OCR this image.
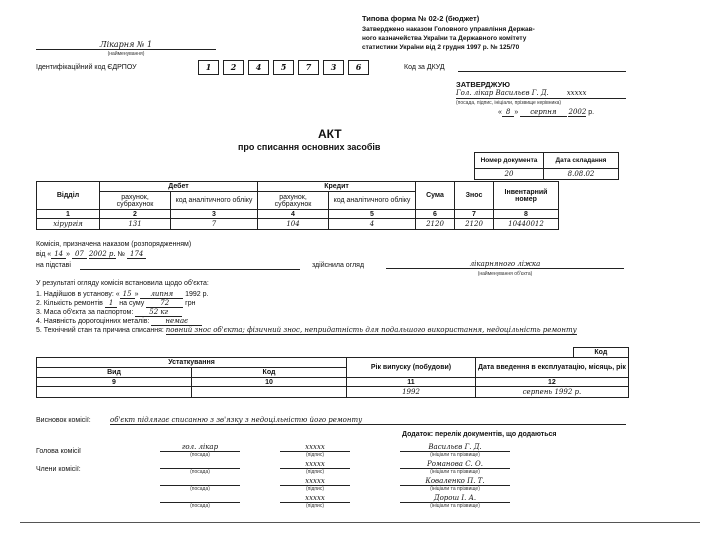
Типова форма № 02-2 (бюджет)
Затверджено наказом Головного управління Держав-
ного казначейства України та Державного комітету
статистики України від 2 грудня 1997 р. № 125/70
Лікарня № 1
(найменування)
Ідентифікаційний код ЄДРПОУ	1 2 4 5 7 3 6	Код за ДКУД
ЗАТВЕРДЖУЮ
Гол. лікар Васильєв Г. Д.	xxxxx
(посада, підпис, ініціали, прізвище керівника)
« 8 » серпня 2002 р.
АКТ
про списання основних засобів
Номер документа	Дата складання
20	8.08.02
Відділ	Дебет		Кредит		Сума	Знос	Інвентарний номер
	рахунок, субрахунок	код аналітичного обліку	рахунок, субрахунок	код аналітичного обліку			
1	2	3	4	5	6	7	8
хірургія	131	7	104	4	2120	2120	10440012
Комісія, призначена наказом (розпорядженням)
від « 14 » 07 2002 р. № 174
на підставі	здійснила огляд	лікарняного ліжка
(найменування об'єкта)
У результаті огляду комісія встановила щодо об'єкта:
1. Надійшов в установу: « 15 » липня 1992 р.
2. Кількість ремонтів 1 на суму 72 грн
3. Маса об'єкта за паспортом: 52 кг
4. Наявність дорогоцінних металів: немає
5. Технічний стан та причина списання: повний знос об'єкта; фізичний знос, непридатність для подальшого використання, недоцільність ремонту
				Код
Устаткування		Рік випуску (побудови)	Дата введення в експлуатацію, місяць, рік	
Вид	Код			
9	10	11	12	
		1992	серпень 1992 р.	
Висновок комісії:	об'єкт підлягає списанню з зв'язку з недоцільністю його ремонту
Додаток: перелік документів, що додаються
Голова комісії
Члени комісії:
гол. лікар	xxxxx	Васильєв Г. Д.
(посада)	(підпис)	(ініціали та прізвище)

xxxxx	Романова С. О.
(посада)	(підпис)	(ініціали та прізвище)

xxxxx	Коваленко П. Т.
(посада)	(підпис)	(ініціали та прізвище)

xxxxx	Дорош І. А.
(посада)	(підпис)	(ініціали та прізвище)
